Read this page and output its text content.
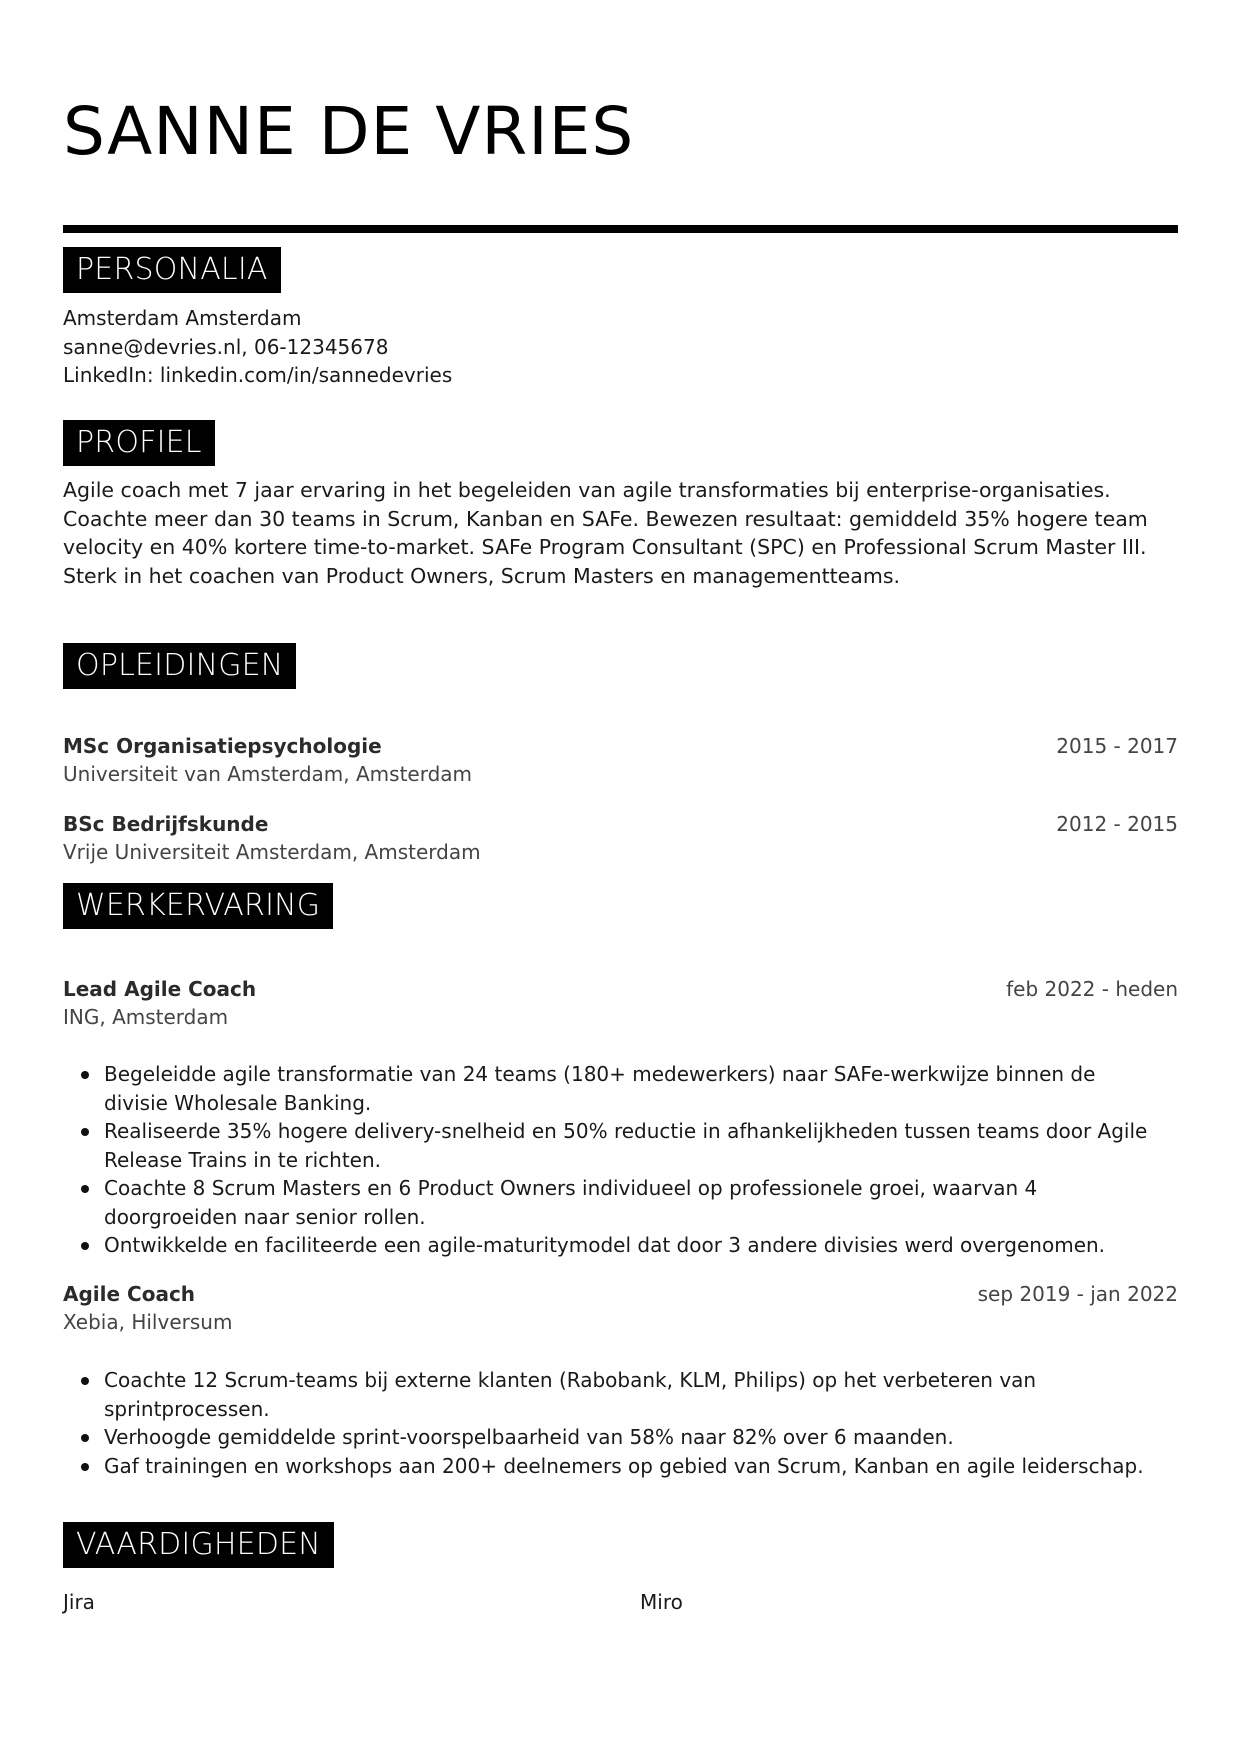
SANNE DE VRIES
PERSONALIA
Amsterdam Amsterdam
sanne@devries.nl, 06-12345678
LinkedIn: linkedin.com/in/sannedevries
PROFIEL
Agile coach met 7 jaar ervaring in het begeleiden van agile transformaties bij enterprise-organisaties.
Coachte meer dan 30 teams in Scrum, Kanban en SAFe. Bewezen resultaat: gemiddeld 35% hogere team
velocity en 40% kortere time-to-market. SAFe Program Consultant (SPC) en Professional Scrum Master III.
Sterk in het coachen van Product Owners, Scrum Masters en managementteams.
OPLEIDINGEN
MSc Organisatiepsychologie
Universiteit van Amsterdam, Amsterdam
2015 - 2017
BSc Bedrijfskunde
Vrije Universiteit Amsterdam, Amsterdam
2012 - 2015
WERKERVARING
Lead Agile Coach
ING, Amsterdam
feb 2022 - heden
Begeleidde agile transformatie van 24 teams (180+ medewerkers) naar SAFe-werkwijze binnen de
divisie Wholesale Banking.
Realiseerde 35% hogere delivery-snelheid en 50% reductie in afhankelijkheden tussen teams door Agile
Release Trains in te richten.
Coachte 8 Scrum Masters en 6 Product Owners individueel op professionele groei, waarvan 4
doorgroeiden naar senior rollen.
Ontwikkelde en faciliteerde een agile-maturitymodel dat door 3 andere divisies werd overgenomen.
Agile Coach
Xebia, Hilversum
sep 2019 - jan 2022
Coachte 12 Scrum-teams bij externe klanten (Rabobank, KLM, Philips) op het verbeteren van
sprintprocessen.
Verhoogde gemiddelde sprint-voorspelbaarheid van 58% naar 82% over 6 maanden.
Gaf trainingen en workshops aan 200+ deelnemers op gebied van Scrum, Kanban en agile leiderschap.
VAARDIGHEDEN
Jira	Miro
